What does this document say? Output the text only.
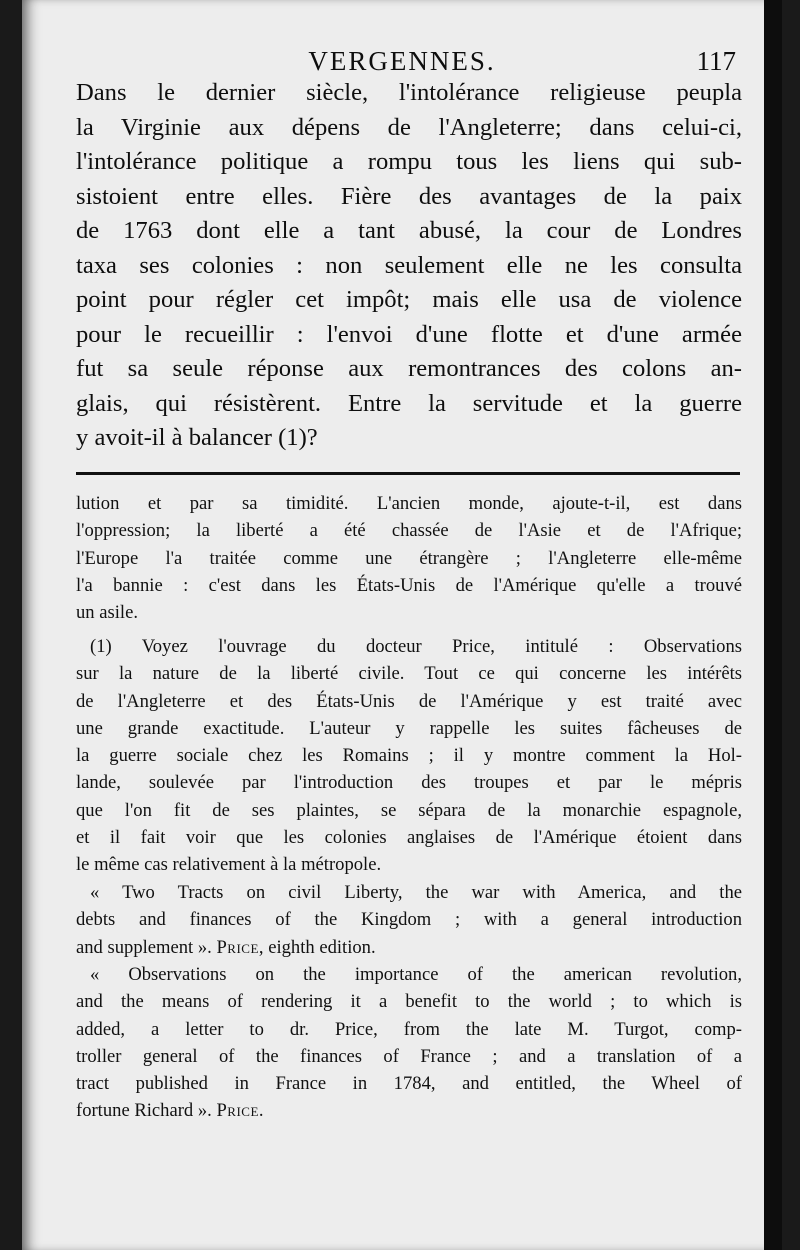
VERGENNES.	117
Dans le dernier siècle, l'intolérance religieuse peupla
la Virginie aux dépens de l'Angleterre; dans celui-ci,
l'intolérance politique a rompu tous les liens qui sub-
sistoient entre elles. Fière des avantages de la paix
de 1763 dont elle a tant abusé, la cour de Londres
taxa ses colonies : non seulement elle ne les consulta
point pour régler cet impôt; mais elle usa de violence
pour le recueillir : l'envoi d'une flotte et d'une armée
fut sa seule réponse aux remontrances des colons an-
glais, qui résistèrent. Entre la servitude et la guerre
y avoit-il à balancer (1)?
lution et par sa timidité. L'ancien monde, ajoute-t-il, est dans
l'oppression; la liberté a été chassée de l'Asie et de l'Afrique;
l'Europe l'a traitée comme une étrangère ; l'Angleterre elle-même
l'a bannie : c'est dans les États-Unis de l'Amérique qu'elle a trouvé
un asile.
(1) Voyez l'ouvrage du docteur Price, intitulé : Observations
sur la nature de la liberté civile. Tout ce qui concerne les intérêts
de l'Angleterre et des États-Unis de l'Amérique y est traité avec
une grande exactitude. L'auteur y rappelle les suites fâcheuses de
la guerre sociale chez les Romains ; il y montre comment la Hol-
lande, soulevée par l'introduction des troupes et par le mépris
que l'on fit de ses plaintes, se sépara de la monarchie espagnole,
et il fait voir que les colonies anglaises de l'Amérique étoient dans
le même cas relativement à la métropole.
« Two Tracts on civil Liberty, the war with America, and the
debts and finances of the Kingdom ; with a general introduction
and supplement ». Price, eighth edition.
« Observations on the importance of the american revolution,
and the means of rendering it a benefit to the world ; to which is
added, a letter to dr. Price, from the late M. Turgot, comp-
troller general of the finances of France ; and a translation of a
tract published in France in 1784, and entitled, the Wheel of
fortune Richard ». Price.
